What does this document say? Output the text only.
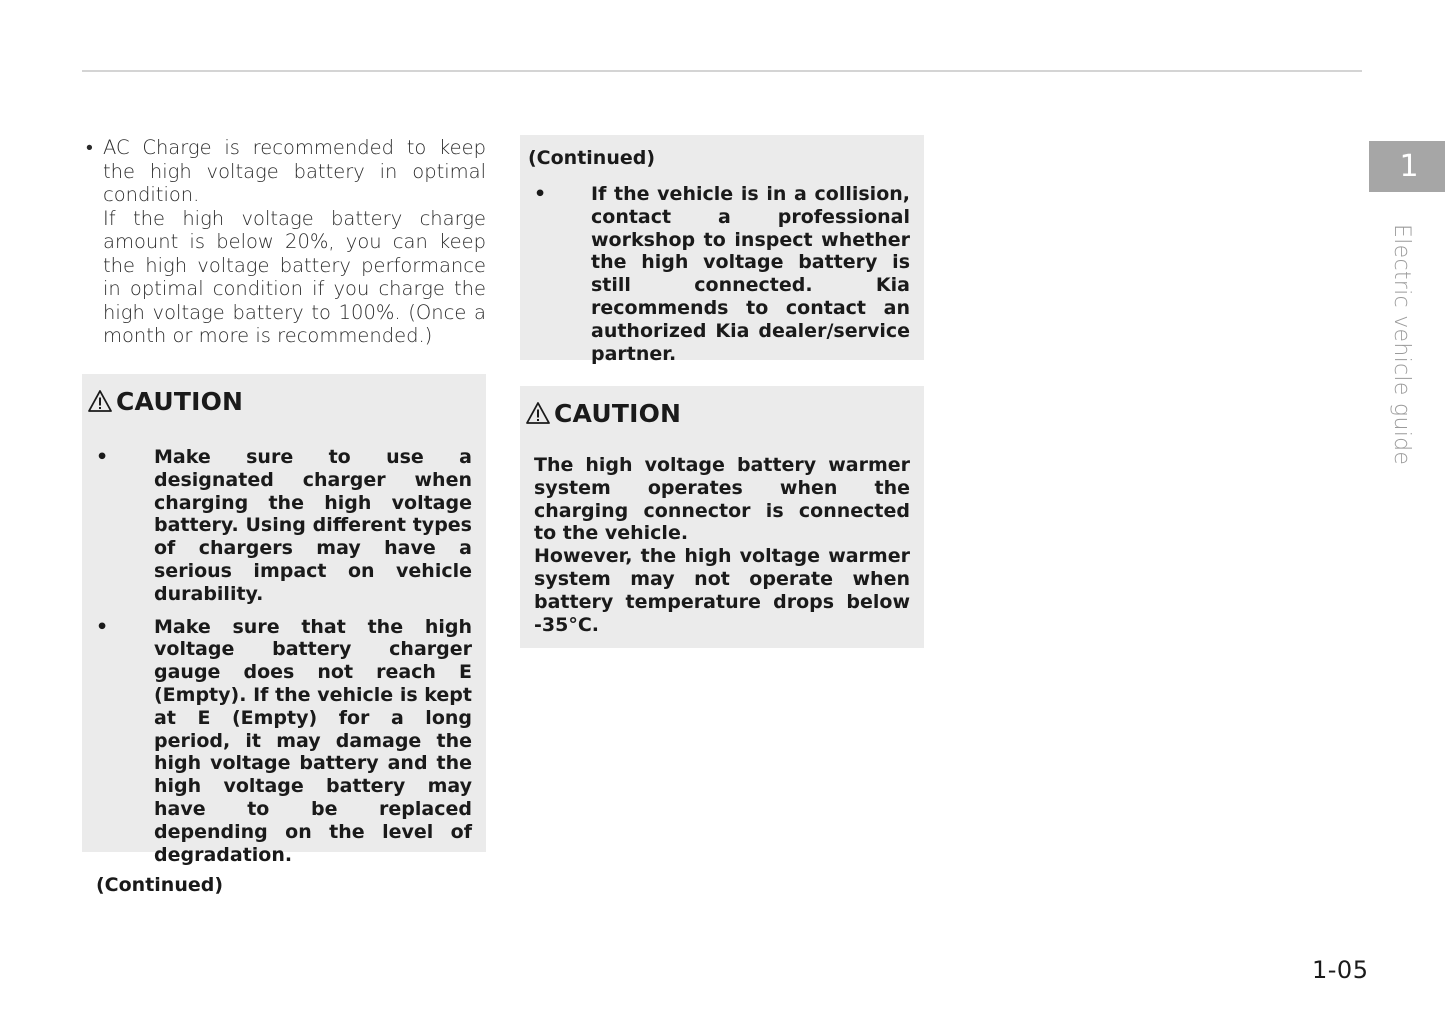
• AC Charge is recommended to keep the high voltage battery in optimal condition.

If the high voltage battery charge amount is below 20%, you can keep the high voltage battery performance in optimal condition if you charge the high voltage battery to 100%. (Once a month or more is recommended.)

CAUTION
•	Make sure to use a designated charger when charging the high voltage battery. Using different types of chargers may have a serious impact on vehicle durability.
•	Make sure that the high voltage battery charger gauge does not reach E (Empty). If the vehicle is kept at E (Empty) for a long period, it may damage the high voltage battery and the high voltage battery may have to be replaced depending on the level of degradation.
(Continued)
(Continued)
•	If the vehicle is in a collision, contact a professional workshop to inspect whether the high voltage battery is still connected. Kia recommends to contact an authorized Kia dealer/service partner.
CAUTION

The high voltage battery warmer system operates when the charging connector is connected to the vehicle.

However, the high voltage warmer system may not operate when battery temperature drops below -35°C.

1
Electric vehicle guide
1-05
